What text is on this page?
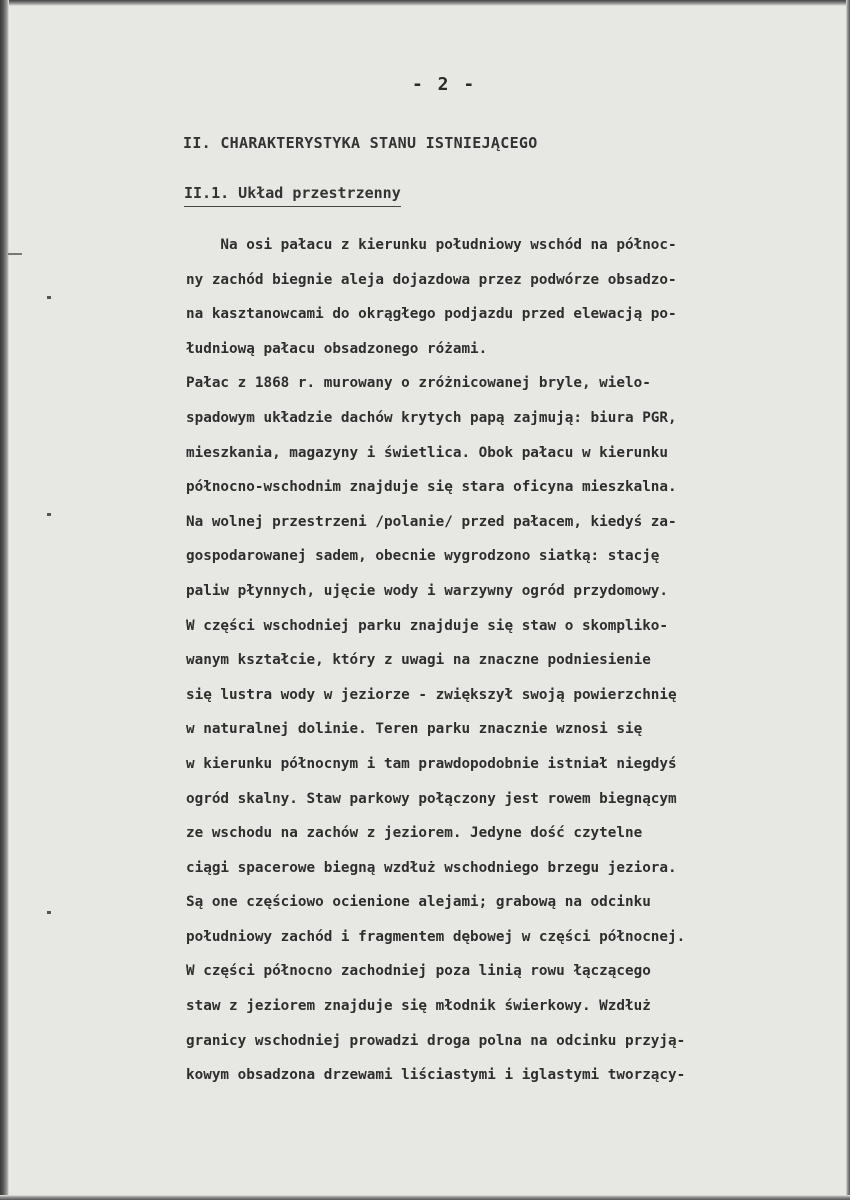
- 2 -
II. CHARAKTERYSTYKA STANU ISTNIEJĄCEGO
II.1. Układ przestrzenny
Na osi pałacu z kierunku południowy wschód na północ-
ny zachód biegnie aleja dojazdowa przez podwórze obsadzo-
na kasztanowcami do okrągłego podjazdu przed elewacją po-
łudniową pałacu obsadzonego różami.
Pałac z 1868 r. murowany o zróżnicowanej bryle, wielo-
spadowym układzie dachów krytych papą zajmują: biura PGR,
mieszkania, magazyny i świetlica. Obok pałacu w kierunku
północno-wschodnim znajduje się stara oficyna mieszkalna.
Na wolnej przestrzeni /polanie/ przed pałacem, kiedyś za-
gospodarowanej sadem, obecnie wygrodzono siatką: stację
paliw płynnych, ujęcie wody i warzywny ogród przydomowy.
W części wschodniej parku znajduje się staw o skompliko-
wanym kształcie, który z uwagi na znaczne podniesienie
się lustra wody w jeziorze - zwiększył swoją powierzchnię
w naturalnej dolinie. Teren parku znacznie wznosi się
w kierunku północnym i tam prawdopodobnie istniał niegdyś
ogród skalny. Staw parkowy połączony jest rowem biegnącym
ze wschodu na zachów z jeziorem. Jedyne dość czytelne
ciągi spacerowe biegną wzdłuż wschodniego brzegu jeziora.
Są one częściowo ocienione alejami; grabową na odcinku
południowy zachód i fragmentem dębowej w części północnej.
W części północno zachodniej poza linią rowu łączącego
staw z jeziorem znajduje się młodnik świerkowy. Wzdłuż
granicy wschodniej prowadzi droga polna na odcinku przyją-
kowym obsadzona drzewami liściastymi i iglastymi tworzący-
